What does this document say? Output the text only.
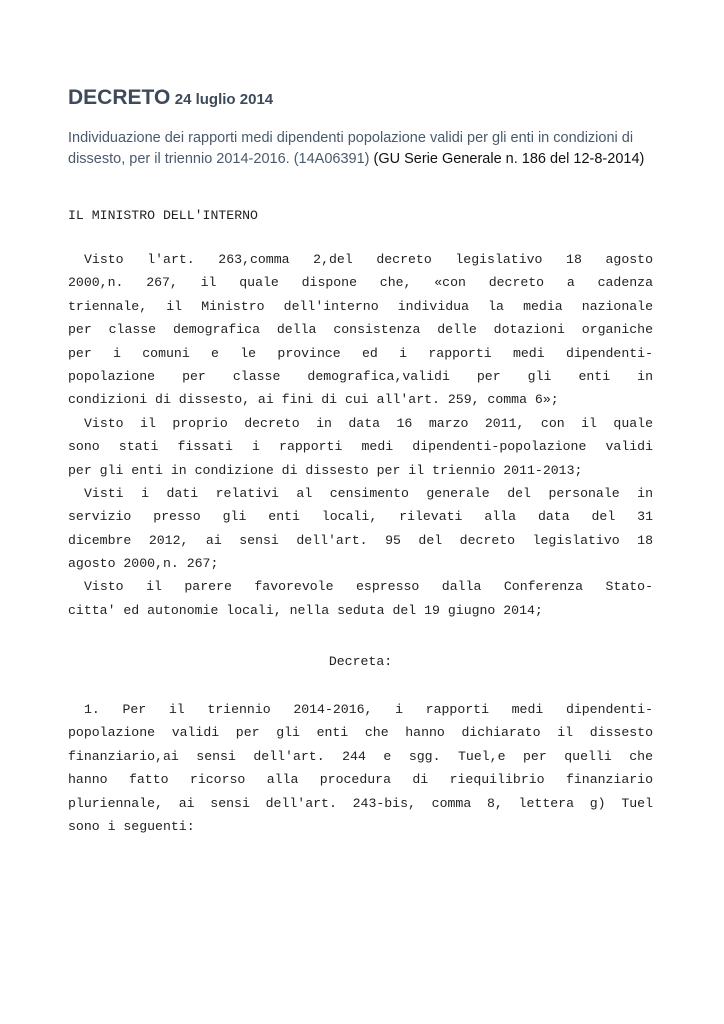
DECRETO 24 luglio 2014
Individuazione dei rapporti medi dipendenti popolazione validi per gli enti in condizioni di dissesto, per il triennio 2014-2016. (14A06391) (GU Serie Generale n. 186 del 12-8-2014)
IL MINISTRO DELL'INTERNO
Visto l'art. 263,comma 2,del decreto legislativo 18 agosto
2000,n. 267, il quale dispone che, «con decreto a cadenza
triennale, il Ministro dell'interno individua la media nazionale
per classe demografica della consistenza delle dotazioni organiche
per i comuni e le province ed i rapporti medi dipendenti-
popolazione per classe demografica,validi per gli enti in
condizioni di dissesto, ai fini di cui all'art. 259, comma 6»;
Visto il proprio decreto in data 16 marzo 2011, con il quale
sono stati fissati i rapporti medi dipendenti-popolazione validi
per gli enti in condizione di dissesto per il triennio 2011-2013;
Visti i dati relativi al censimento generale del personale in
servizio presso gli enti locali, rilevati alla data del 31
dicembre 2012, ai sensi dell'art. 95 del decreto legislativo 18
agosto 2000,n. 267;
Visto il parere favorevole espresso dalla Conferenza Stato-
citta' ed autonomie locali, nella seduta del 19 giugno 2014;
Decreta:
1. Per il triennio 2014-2016, i rapporti medi dipendenti-
popolazione validi per gli enti che hanno dichiarato il dissesto
finanziario,ai sensi dell'art. 244 e sgg. Tuel,e per quelli che
hanno fatto ricorso alla procedura di riequilibrio finanziario
pluriennale, ai sensi dell'art. 243-bis, comma 8, lettera g) Tuel
sono i seguenti:
